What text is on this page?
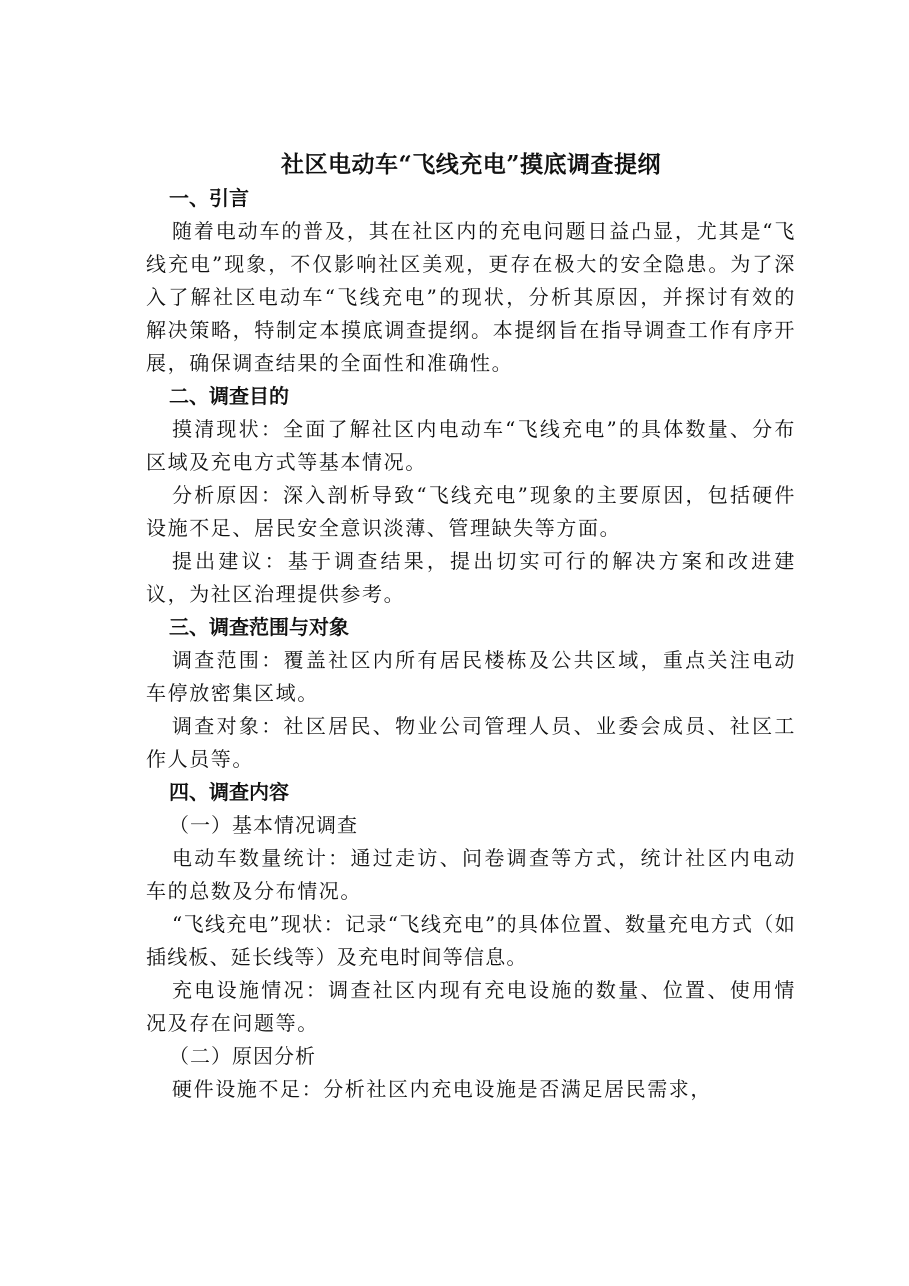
社区电动车“飞线充电”摸底调查提纲
一、引言

随着电动车的普及，其在社区内的充电问题日益凸显，尤其是“飞线充电”现象，不仅影响社区美观，更存在极大的安全隐患。为了深入了解社区电动车“飞线充电”的现状，分析其原因，并探讨有效的解决策略，特制定本摸底调查提纲。本提纲旨在指导调查工作有序开展，确保调查结果的全面性和准确性。

二、调查目的

摸清现状：全面了解社区内电动车“飞线充电”的具体数量、分布区域及充电方式等基本情况。

分析原因：深入剖析导致“飞线充电”现象的主要原因，包括硬件设施不足、居民安全意识淡薄、管理缺失等方面。

提出建议：基于调查结果，提出切实可行的解决方案和改进建议，为社区治理提供参考。

三、调查范围与对象

调查范围：覆盖社区内所有居民楼栋及公共区域，重点关注电动车停放密集区域。

调查对象：社区居民、物业公司管理人员、业委会成员、社区工作人员等。

四、调查内容
（一）基本情况调查

电动车数量统计：通过走访、问卷调查等方式，统计社区内电动车的总数及分布情况。

“飞线充电”现状：记录“飞线充电”的具体位置、数量充电方式（如插线板、延长线等）及充电时间等信息。

充电设施情况：调查社区内现有充电设施的数量、位置、使用情况及存在问题等。

（二）原因分析

硬件设施不足：分析社区内充电设施是否满足居民需求，
